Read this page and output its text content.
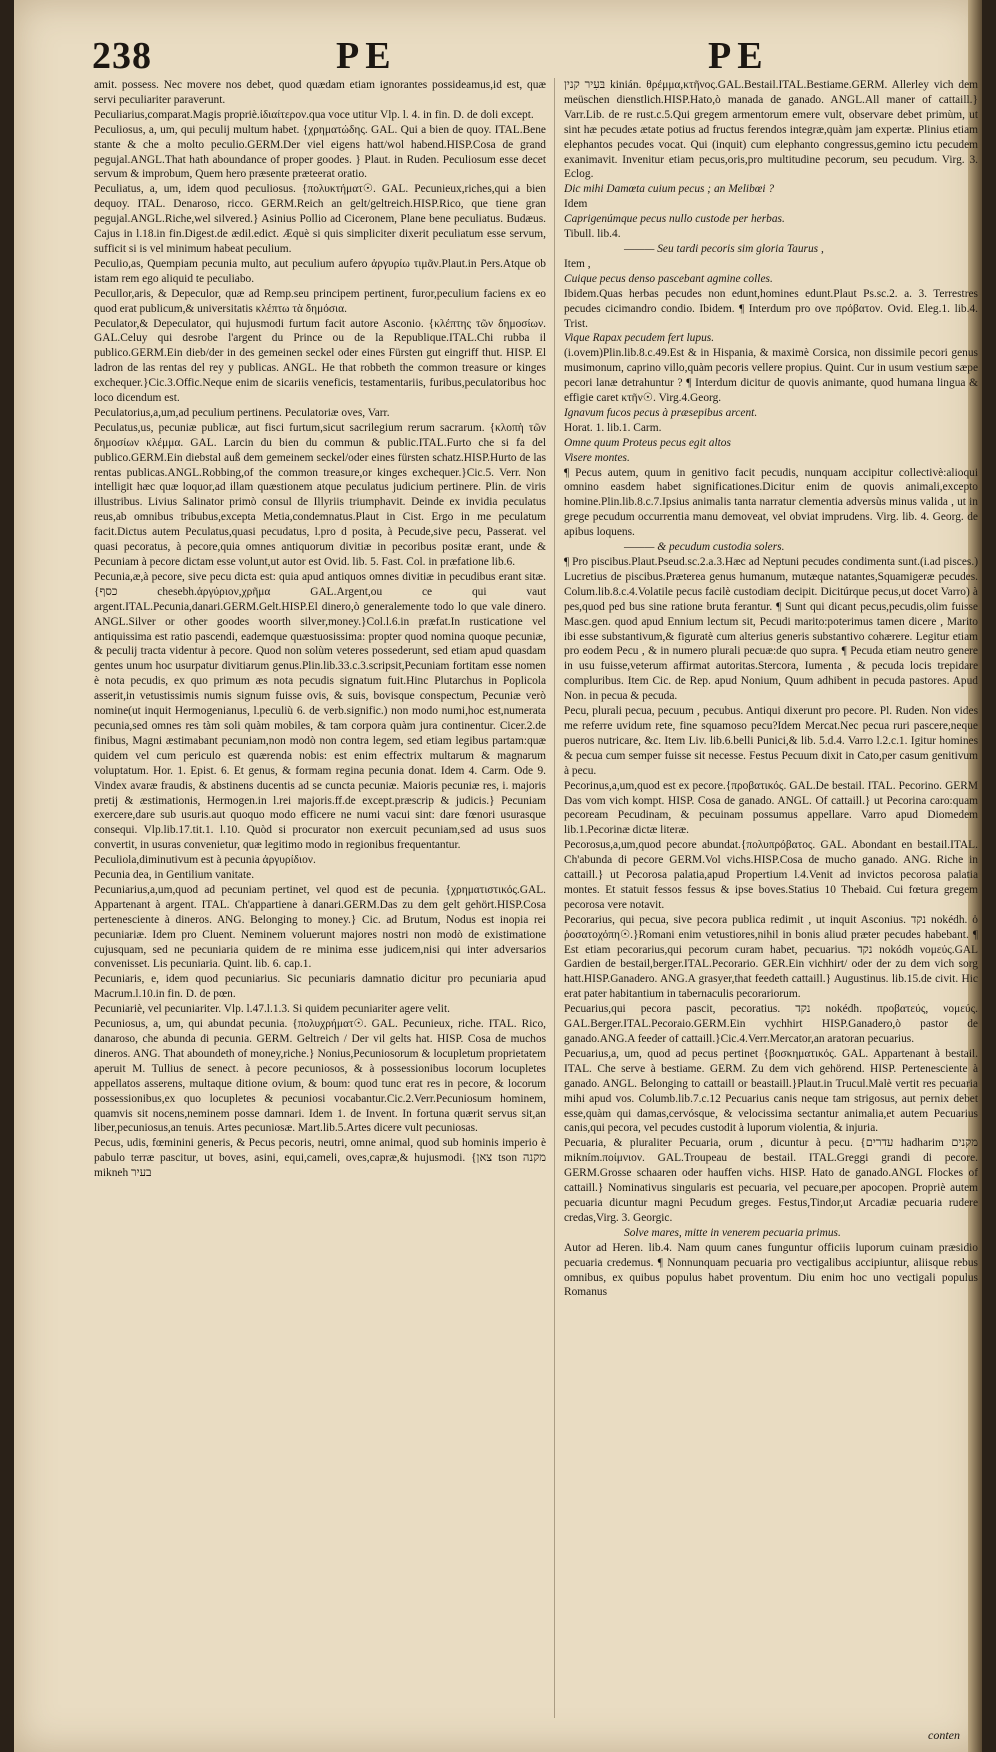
238	PE	PE

amit. possess. Nec movere nos debet, quod quædam etiam ignorantes possideamus,id est, quæ servi peculiariter paraverunt.

Peculiarius,comparat.Magis propriè.ἰδιαίτερον.qua voce utitur Vlp. l. 4. in fin. D. de doli except.

Peculiosus, a, um, qui peculij multum habet. {χρηματώδης. GAL. Qui a bien de quoy. ITAL.Bene stante & che a molto peculio.GERM.Der viel eigens hatt/wol habend.HISP.Cosa de grand pegujal.ANGL.That hath aboundance of proper goodes. } Plaut. in Ruden. Peculiosum esse decet servum & improbum, Quem hero præsente præteerat oratio.

Peculiatus, a, um, idem quod peculiosus. {πολυκτήματ☉. GAL. Pecunieux,riches,qui a bien dequoy. ITAL. Denaroso, ricco. GERM.Reich an gelt/geltreich.HISP.Rico, que tiene gran pegujal.ANGL.Riche,wel silvered.} Asinius Pollio ad Ciceronem, Plane bene peculiatus. Budæus. Cajus in l.18.in fin.Digest.de ædil.edict. Æquè si quis simpliciter dixerit peculiatum esse servum, sufficit si is vel minimum habeat peculium.

Peculio,as, Quempiam pecunia multo, aut peculium aufero ἀργυρίω τιμᾶν.Plaut.in Pers.Atque ob istam rem ego aliquid te peculiabo.

Pecullor,aris, & Depeculor, quæ ad Remp.seu principem pertinent, furor,peculium faciens ex eo quod erat publicum,& universitatis κλέπτω τὰ δημόσια.

Peculator,& Depeculator, qui hujusmodi furtum facit autore Asconio. {κλέπτης τῶν δημοσίων. GAL.Celuy qui desrobe l'argent du Prince ou de la Republique.ITAL.Chi rubba il publico.GERM.Ein dieb/der in des gemeinen seckel oder eines Fürsten gut eingriff thut. HISP. El ladron de las rentas del rey y publicas. ANGL. He that robbeth the common treasure or kinges exchequer.}Cic.3.Offic.Neque enim de sicariis veneficis, testamentariis, furibus,peculatoribus hoc loco dicendum est.

Peculatorius,a,um,ad peculium pertinens. Peculatoriæ oves, Varr.

Peculatus,us, pecuniæ publicæ, aut fisci furtum,sicut sacrilegium rerum sacrarum. {κλοπὴ τῶν δημοσίων κλέμμα. GAL. Larcin du bien du commun & public.ITAL.Furto che si fa del publico.GERM.Ein diebstal auß dem gemeinem seckel/oder eines fürsten schatz.HISP.Hurto de las rentas publicas.ANGL.Robbing,of the common treasure,or kinges exchequer.}Cic.5. Verr. Non intelligit hæc quæ loquor,ad illam quæstionem atque peculatus judicium pertinere. Plin. de viris illustribus. Livius Salinator primò consul de Illyriis triumphavit. Deinde ex invidia peculatus reus,ab omnibus tribubus,excepta Metia,condemnatus.Plaut in Cist. Ergo in me peculatum facit.Dictus autem Peculatus,quasi pecudatus, l.pro d posita, à Pecude,sive pecu, Passerat. vel quasi pecoratus, à pecore,quia omnes antiquorum divitiæ in pecoribus positæ erant, unde & Pecuniam à pecore dictam esse volunt,ut autor est Ovid. lib. 5. Fast. Col. in præfatione lib.6.

Pecunia,æ,à pecore, sive pecu dicta est: quia apud antiquos omnes divitiæ in pecudibus erant sitæ. {כסף chesebh.ἀργύριον,χρῆμα GAL.Argent,ou ce qui vaut argent.ITAL.Pecunia,danari.GERM.Gelt.HISP.El dinero,ò generalemente todo lo que vale dinero. ANGL.Silver or other goodes woorth silver,money.}Col.l.6.in præfat.In rusticatione vel antiquissima est ratio pascendi, eademque quæstuosissima: propter quod nomina quoque pecuniæ, & peculij tracta videntur à pecore. Quod non solùm veteres possederunt, sed etiam apud quasdam gentes unum hoc usurpatur divitiarum genus.Plin.lib.33.c.3.scripsit,Pecuniam fortitam esse nomen è nota pecudis, ex quo primum æs nota pecudis signatum fuit.Hinc Plutarchus in Poplicola asserit,in vetustissimis numis signum fuisse ovis, & suis, bovisque conspectum, Pecuniæ verò nomine(ut inquit Hermogenianus, l.peculiù 6. de verb.signific.) non modo numi,hoc est,numerata pecunia,sed omnes res tàm soli quàm mobiles, & tam corpora quàm jura continentur. Cicer.2.de finibus, Magni æstimabant pecuniam,non modò non contra legem, sed etiam legibus partam:quæ quidem vel cum periculo est quærenda nobis: est enim effectrix multarum & magnarum voluptatum. Hor. 1. Epist. 6. Et genus, & formam regina pecunia donat. Idem 4. Carm. Ode 9. Vindex avaræ fraudis, & abstinens ducentis ad se cuncta pecuniæ. Maioris pecuniæ res, i. majoris pretij & æstimationis, Hermogen.in l.rei majoris.ff.de except.præscrip & judicis.} Pecuniam exercere,dare sub usuris.aut quoquo modo efficere ne numi vacui sint: dare fœnori usurasque consequi. Vlp.lib.17.tit.1. l.10. Quòd si procurator non exercuit pecuniam,sed ad usus suos convertit, in usuras convenietur, quæ legitimo modo in regionibus frequentantur.

Peculiola,diminutivum est à pecunia ἀργυρίδιον.

Pecunia dea, in Gentilium vanitate.

Pecuniarius,a,um,quod ad pecuniam pertinet, vel quod est de pecunia. {χρηματιστικός.GAL. Appartenant à argent. ITAL. Ch'appartiene à danari.GERM.Das zu dem gelt gehört.HISP.Cosa pertenesciente à dineros. ANG. Belonging to money.} Cic. ad Brutum, Nodus est inopia rei pecuniariæ. Idem pro Cluent. Neminem voluerunt majores nostri non modò de existimatione cujusquam, sed ne pecuniaria quidem de re minima esse judicem,nisi qui inter adversarios convenisset. Lis pecuniaria. Quint. lib. 6. cap.1.

Pecuniaris, e, idem quod pecuniarius. Sic pecuniaris damnatio dicitur pro pecuniaria apud Macrum.l.10.in fin. D. de pœn.

Pecuniariè, vel pecuniariter. Vlp. l.47.l.1.3. Si quidem pecuniariter agere velit.

Pecuniosus, a, um, qui abundat pecunia. {πολυχρήματ☉. GAL. Pecunieux, riche. ITAL. Rico, danaroso, che abunda di pecunia. GERM. Geltreich / Der vil gelts hat. HISP. Cosa de muchos dineros. ANG. That aboundeth of money,riche.} Nonius,Pecuniosorum & locupletum proprietatem aperuit M. Tullius de senect. à pecore pecuniosos, & à possessionibus locorum locupletes appellatos asserens, multaque ditione ovium, & boum: quod tunc erat res in pecore, & locorum possessionibus,ex quo locupletes & pecuniosi vocabantur.Cic.2.Verr.Pecuniosum hominem, quamvis sit nocens,neminem posse damnari. Idem 1. de Invent. In fortuna quærit servus sit,an liber,pecuniosus,an tenuis. Artes pecuniosæ. Mart.lib.5.Artes dicere vult pecuniosas.

Pecus, udis, fœminini generis, & Pecus pecoris, neutri, omne animal, quod sub hominis imperio è pabulo terræ pascitur, ut boves, asini, equi,cameli, oves,capræ,& hujusmodi. {צאן tson מקנה mikneh בעיר

בּעִיר קנין kinián. θρέμμα,κτῆνος.GAL.Bestail.ITAL.Bestiame.GERM. Allerley vich dem meüschen dienstlich.HISP.Hato,ò manada de ganado. ANGL.All maner of cattaill.} Varr.Lib. de re rust.c.5.Qui gregem armentorum emere vult, observare debet primùm, ut sint hæ pecudes ætate potius ad fructus ferendos integræ,quàm jam expertæ. Plinius etiam elephantos pecudes vocat. Qui (inquit) cum elephanto congressus,gemino ictu pecudem exanimavit. Invenitur etiam pecus,oris,pro multitudine pecorum, seu pecudum. Virg. 3. Eclog.

Dic mihi Damœta cuium pecus ; an Melibœi ?

Idem

Caprigenúmque pecus nullo custode per herbas.

Tibull. lib.4.

——— Seu tardi pecoris sim gloria Taurus ,

Item ,

Cuique pecus denso pascebant agmine colles.

Ibidem.Quas herbas pecudes non edunt,homines edunt.Plaut Ps.sc.2. a. 3. Terrestres pecudes cicimandro condio. Ibidem. ¶ Interdum pro ove πρόβατον. Ovid. Eleg.1. lib.4. Trist.

Vique Rapax pecudem fert lupus.

(i.ovem)Plin.lib.8.c.49.Est & in Hispania, & maximè Corsica, non dissimile pecori genus musimonum, caprino villo,quàm pecoris vellere propius. Quint. Cur in usum vestium sæpe pecori lanæ detrahuntur ? ¶ Interdum dicitur de quovis animante, quod humana lingua & effigie caret κτῆν☉. Virg.4.Georg.

Ignavum fucos pecus à præsepibus arcent.

Horat. 1. lib.1. Carm.

Omne quum Proteus pecus egit altos

Visere montes.

¶ Pecus autem, quum in genitivo facit pecudis, nunquam accipitur collectivè:alioqui omnino easdem habet significationes.Dicitur enim de quovis animali,excepto homine.Plin.lib.8.c.7.Ipsius animalis tanta narratur clementia adversùs minus valida , ut in grege pecudum occurrentia manu demoveat, vel obviat imprudens. Virg. lib. 4. Georg. de apibus loquens.

——— & pecudum custodia solers.

¶ Pro piscibus.Plaut.Pseud.sc.2.a.3.Hæc ad Neptuni pecudes condimenta sunt.(i.ad pisces.) Lucretius de piscibus.Præterea genus humanum, mutæque natantes,Squamigeræ pecudes. Colum.lib.8.c.4.Volatile pecus facilè custodiam decipit. Dicitúrque pecus,ut docet Varro) à pes,quod ped bus sine ratione bruta ferantur. ¶ Sunt qui dicant pecus,pecudis,olim fuisse Masc.gen. quod apud Ennium lectum sit, Pecudi marito:poterimus tamen dicere , Marito ibi esse substantivum,& figuratè cum alterius generis substantivo cohærere. Legitur etiam pro eodem Pecu , & in numero plurali pecuæ:de quo supra. ¶ Pecuda etiam neutro genere in usu fuisse,veterum affirmat autoritas.Stercora, Iumenta , & pecuda locis trepidare compluribus. Item Cic. de Rep. apud Nonium, Quum adhibent in pecuda pastores. Apud Non. in pecua & pecuda.

Pecu, plurali pecua, pecuum , pecubus. Antiqui dixerunt pro pecore. Pl. Ruden. Non vides me referre uvidum rete, fine squamoso pecu?Idem Mercat.Nec pecua ruri pascere,neque pueros nutricare, &c. Item Liv. lib.6.belli Punici,& lib. 5.d.4. Varro l.2.c.1. Igitur homines & pecua cum semper fuisse sit necesse. Festus Pecuum dixit in Cato,per casum genitivum à pecu.

Pecorinus,a,um,quod est ex pecore.{προβατικός. GAL.De bestail. ITAL. Pecorino. GERM Das vom vich kompt. HISP. Cosa de ganado. ANGL. Of cattaill.} ut Pecorina caro:quam pecoream Pecudinam, & pecuinam possumus appellare. Varro apud Diomedem lib.1.Pecorinæ dictæ literæ.

Pecorosus,a,um,quod pecore abundat.{πολυπρόβατος. GAL. Abondant en bestail.ITAL. Ch'abunda di pecore GERM.Vol vichs.HISP.Cosa de mucho ganado. ANG. Riche in cattaill.} ut Pecorosa palatia,apud Propertium l.4.Venit ad invictos pecorosa palatia montes. Et statuit fessos fessus & ipse boves.Statius 10 Thebaid. Cui fœtura gregem pecorosa vere notavit.

Pecorarius, qui pecua, sive pecora publica redimit , ut inquit Asconius. נקד nokédh. ὁ ῥοσατοχόπη☉.}Romani enim vetustiores,nihil in bonis aliud præter pecudes habebant. ¶ Est etiam pecorarius,qui pecorum curam habet, pecuarius. נקד nokódh νομεύς.GAL Gardien de bestail,berger.ITAL.Pecorario. GER.Ein vichhirt/ oder der zu dem vich sorg hatt.HISP.Ganadero. ANG.A grasyer,that feedeth cattaill.} Augustinus. lib.15.de civit. Hic erat pater habitantium in tabernaculis pecorariorum.

Pecuarius,qui pecora pascit, pecoratius. נקד nokédh. προβατεύς, νομεύς. GAL.Berger.ITAL.Pecoraio.GERM.Ein vychhirt HISP.Ganadero,ò pastor de ganado.ANG.A feeder of cattaill.}Cic.4.Verr.Mercator,an aratoran pecuarius.

Pecuarius,a, um, quod ad pecus pertinet {βοσκηματικός. GAL. Appartenant à bestail. ITAL. Che serve à bestiame. GERM. Zu dem vich gehörend. HISP. Pertenesciente à ganado. ANGL. Belonging to cattaill or beastaill.}Plaut.in Trucul.Malè vertit res pecuaria mihi apud vos. Columb.lib.7.c.12 Pecuarius canis neque tam strigosus, aut pernix debet esse,quàm qui damas,cervósque, & velocissima sectantur animalia,et autem Pecuarius canis,qui pecora, vel pecudes custodit à luporum violentia, & injuria.

Pecuaria, & pluraliter Pecuaria, orum , dicuntur à pecu. {עדרים hadharim מקנים mikním.ποίμνιον. GAL.Troupeau de bestail. ITAL.Greggi grandi di pecore. GERM.Grosse schaaren oder hauffen vichs. HISP. Hato de ganado.ANGL Flockes of cattaill.} Nominativus singularis est pecuaria, vel pecuare,per apocopen. Propriè autem pecuaria dicuntur magni Pecudum greges. Festus,Tindor,ut Arcadiæ pecuaria rudere credas,Virg. 3. Georgic.

Solve mares, mitte in venerem pecuaria primus.

Autor ad Heren. lib.4. Nam quum canes funguntur officiis luporum cuinam præsidio pecuaria credemus. ¶ Nonnunquam pecuaria pro vectigalibus accipiuntur, aliisque rebus omnibus, ex quibus populus habet proventum. Diu enim hoc uno vectigali populus Romanus

conten
